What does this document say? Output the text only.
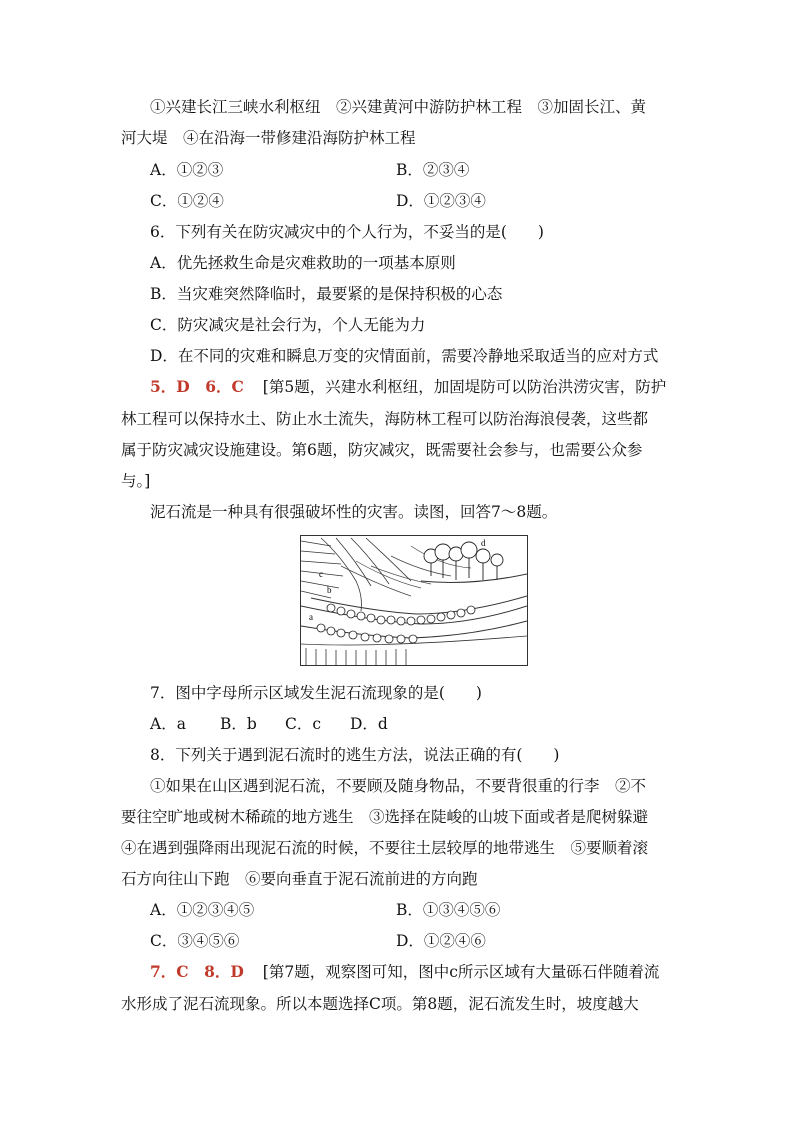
①兴建长江三峡水利枢纽　②兴建黄河中游防护林工程　③加固长江、黄
河大堤　④在沿海一带修建沿海防护林工程
A．①②③	B．②③④
C．①②④	D．①②③④
6．下列有关在防灾减灾中的个人行为，不妥当的是(　　)
A．优先拯救生命是灾难救助的一项基本原则
B．当灾难突然降临时，最要紧的是保持积极的心态
C．防灾减灾是社会行为，个人无能为力
D．在不同的灾难和瞬息万变的灾情面前，需要冷静地采取适当的应对方式
5．D　6．C [第5题，兴建水利枢纽，加固堤防可以防治洪涝灾害，防护
林工程可以保持水土、防止水土流失，海防林工程可以防治海浪侵袭，这些都
属于防灾减灾设施建设。第6题，防灾减灾，既需要社会参与，也需要公众参
与。]
泥石流是一种具有很强破坏性的灾害。读图，回答7～8题。
a
b
c
d
7．图中字母所示区域发生泥石流现象的是(　　)
A．a B．b C．c D．d
8．下列关于遇到泥石流时的逃生方法，说法正确的有(　　)
①如果在山区遇到泥石流，不要顾及随身物品，不要背很重的行李　②不
要往空旷地或树木稀疏的地方逃生　③选择在陡峻的山坡下面或者是爬树躲避
④在遇到强降雨出现泥石流的时候，不要往土层较厚的地带逃生　⑤要顺着滚
石方向往山下跑　⑥要向垂直于泥石流前进的方向跑
A．①②③④⑤	B．①③④⑤⑥
C．③④⑤⑥	D．①②④⑥
7．C　8．D [第7题，观察图可知，图中c所示区域有大量砾石伴随着流
水形成了泥石流现象。所以本题选择C项。第8题，泥石流发生时，坡度越大
